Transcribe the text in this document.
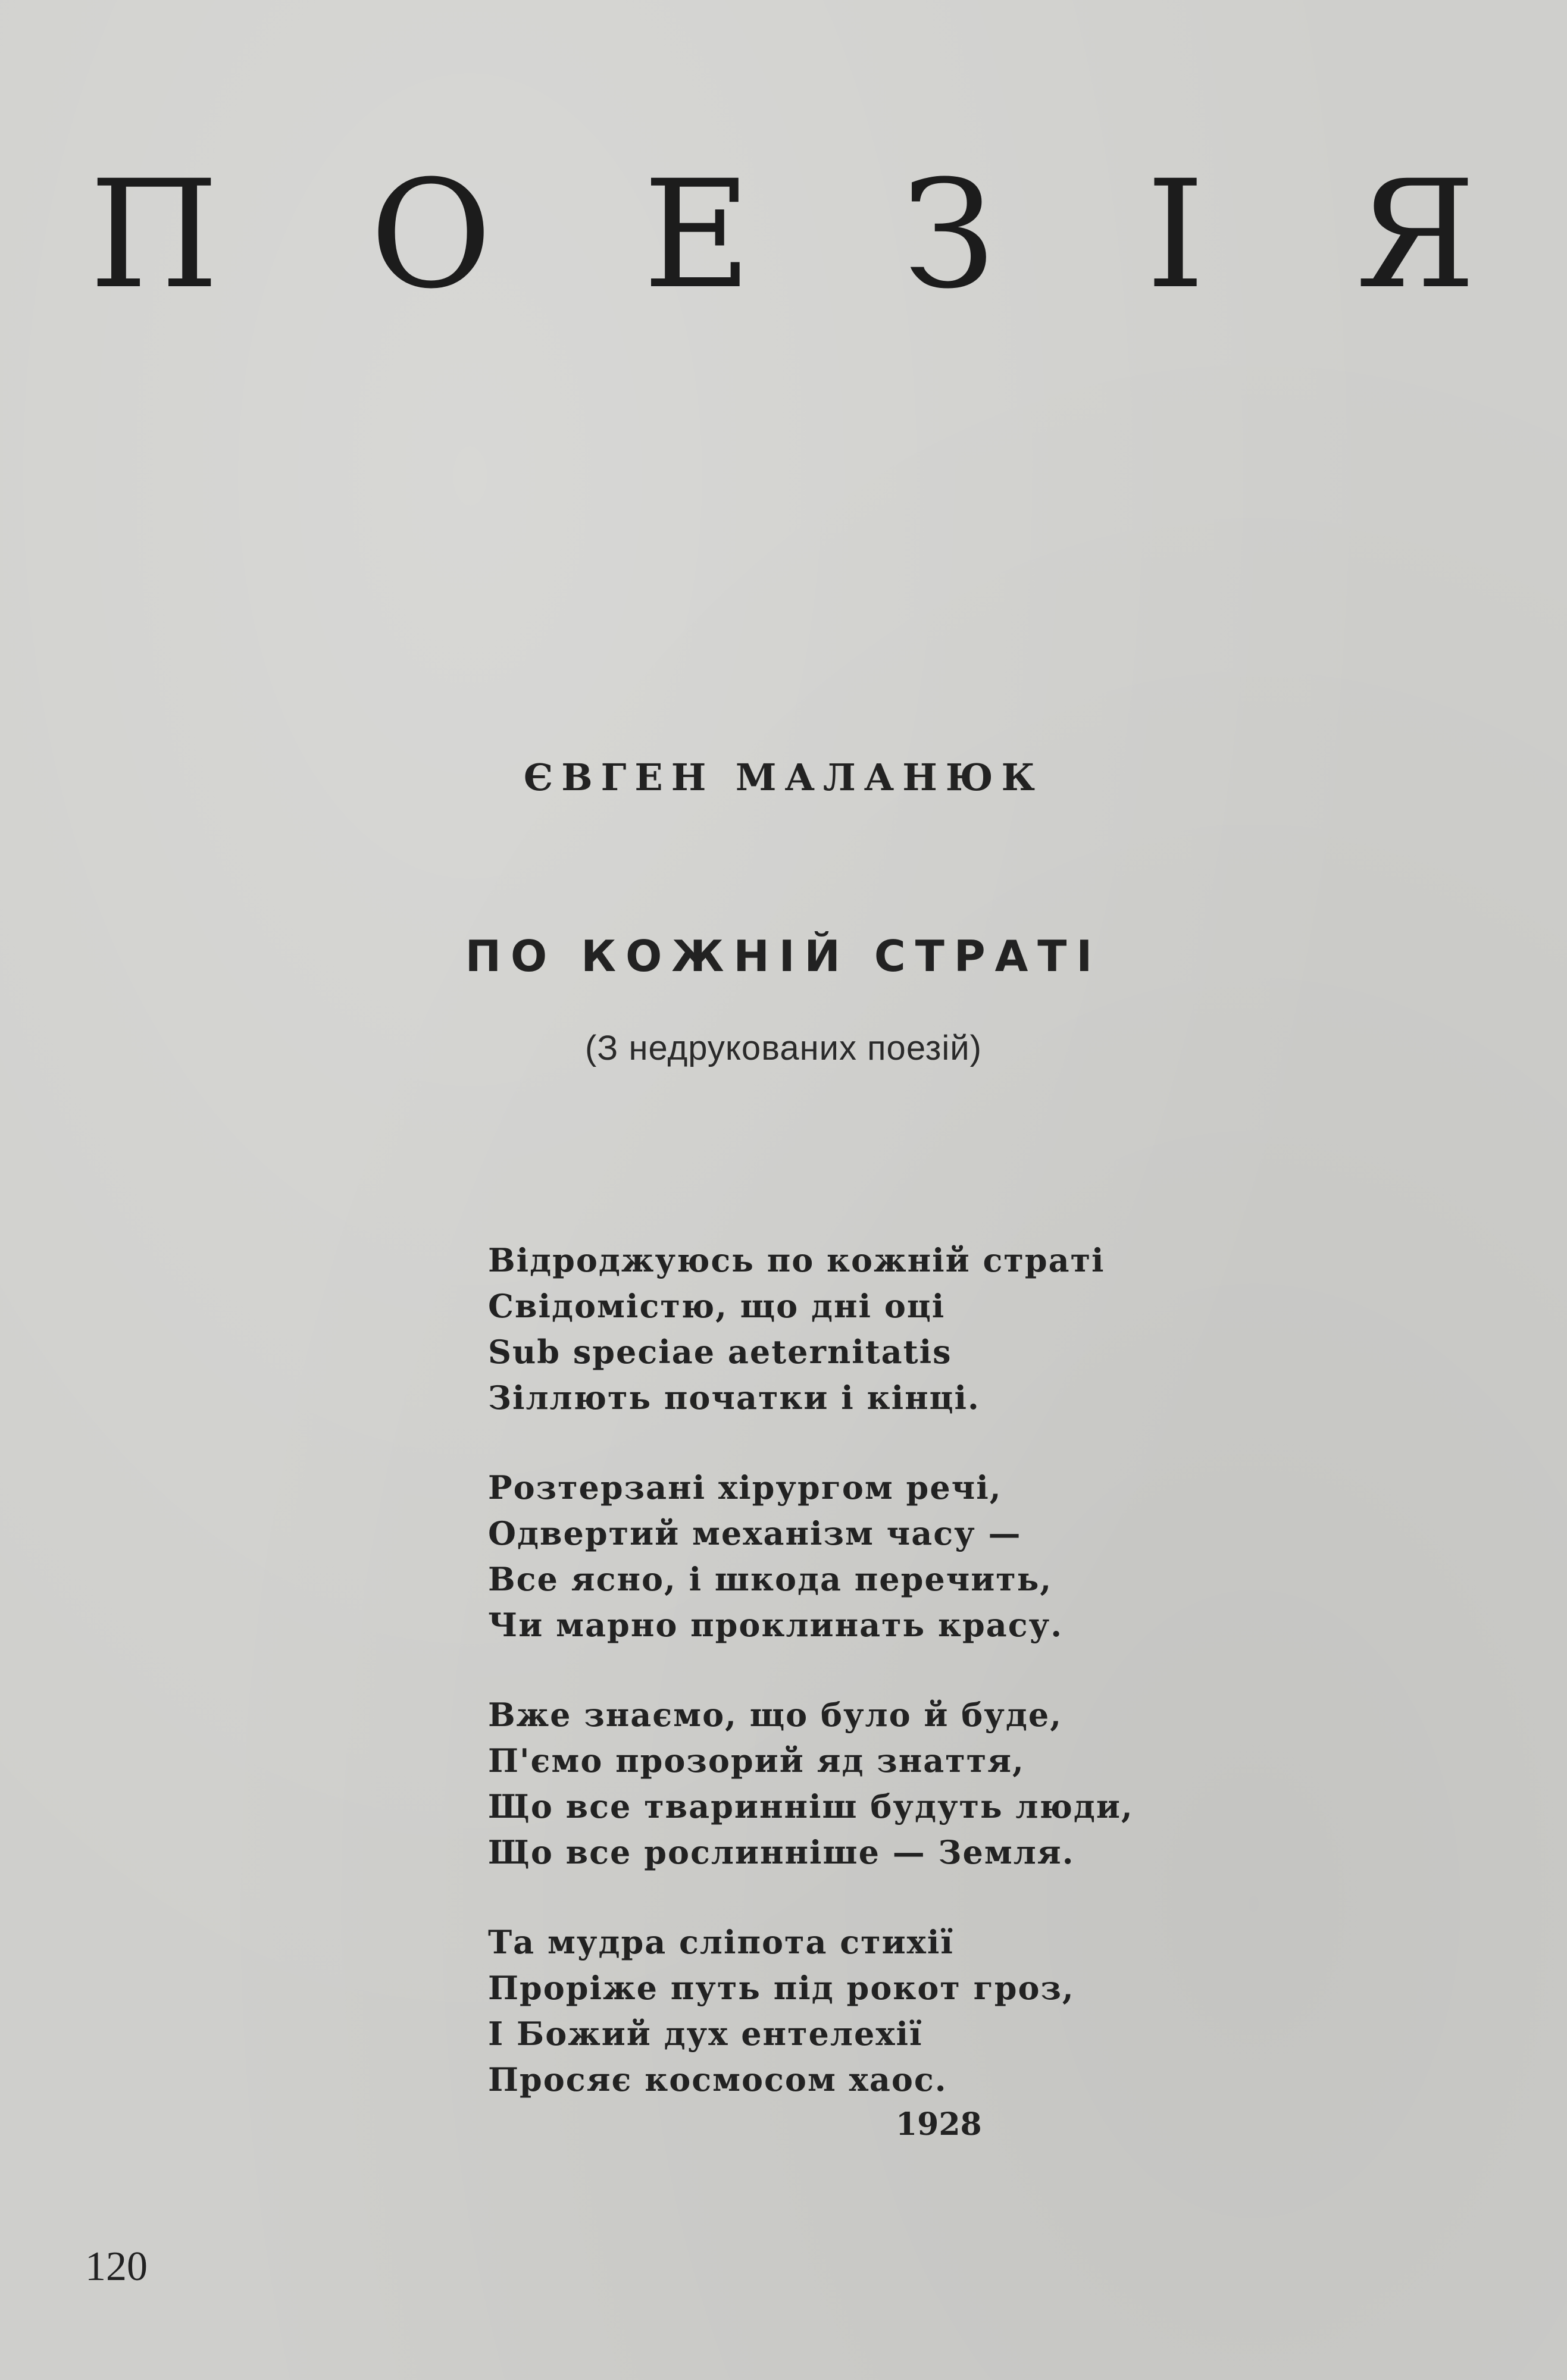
П О Е З І Я
ЄВГЕН МАЛАНЮК
ПО КОЖНІЙ СТРАТІ
(З недрукованих поезій)
Відроджуюсь по кожній страті
Свідомістю, що дні оці
Sub speciae aeternitatis
Зіллють початки і кінці.
Розтерзані хірургом речі,
Одвертий механізм часу —
Все ясно, і шкода перечить,
Чи марно проклинать красу.
Вже знаємо, що було й буде,
П'ємо прозорий яд знаття,
Що все тваринніш будуть люди,
Що все рослинніше — Земля.
Та мудра сліпота стихії
Проріже путь під рокот гроз,
І Божий дух ентелехії
Просяє космосом хаос.
1928
120
